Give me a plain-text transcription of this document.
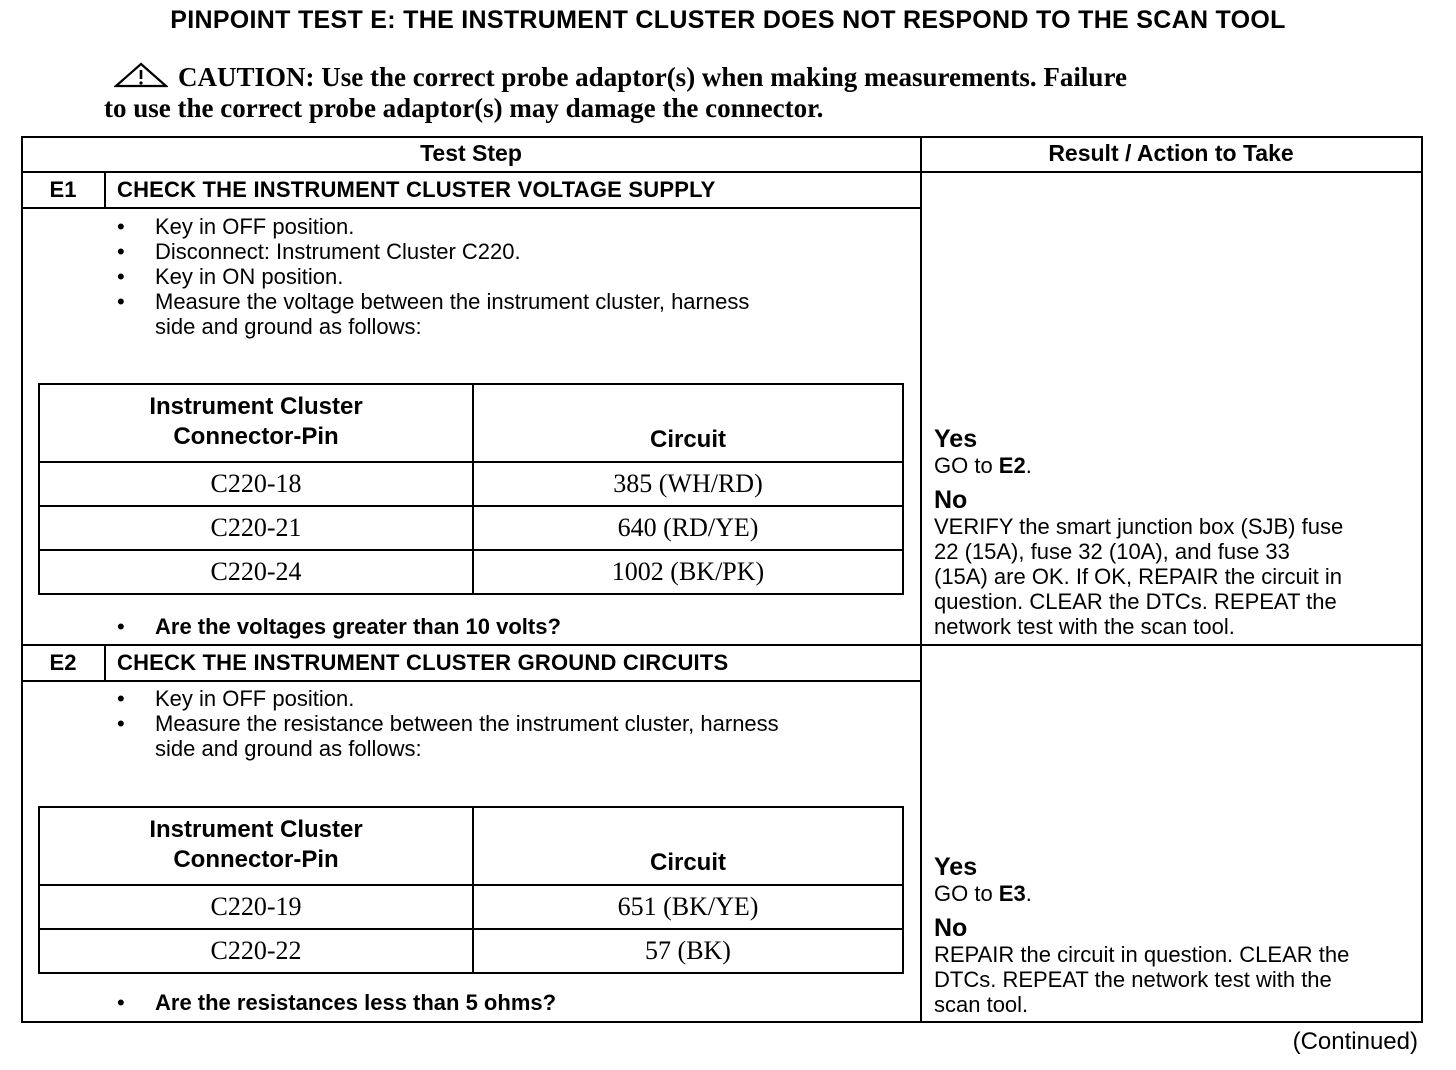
PINPOINT TEST E: THE INSTRUMENT CLUSTER DOES NOT RESPOND TO THE SCAN TOOL
CAUTION: Use the correct probe adaptor(s) when making measurements. Failure
to use the correct probe adaptor(s) may damage the connector.
Test Step	Result / Action to Take
E1	CHECK THE INSTRUMENT CLUSTER VOLTAGE SUPPLY
• Key in OFF position.
• Disconnect: Instrument Cluster C220.
• Key in ON position.
• Measure the voltage between the instrument cluster, harness
side and ground as follows:
Instrument Cluster
Connector-Pin	Circuit
C220-18	385 (WH/RD)
C220-21	640 (RD/YE)
C220-24	1002 (BK/PK)
• Are the voltages greater than 10 volts?
Yes
GO to E2.
No
VERIFY the smart junction box (SJB) fuse
22 (15A), fuse 32 (10A), and fuse 33
(15A) are OK. If OK, REPAIR the circuit in
question. CLEAR the DTCs. REPEAT the
network test with the scan tool.
E2	CHECK THE INSTRUMENT CLUSTER GROUND CIRCUITS
• Key in OFF position.
• Measure the resistance between the instrument cluster, harness
side and ground as follows:
Instrument Cluster
Connector-Pin	Circuit
C220-19	651 (BK/YE)
C220-22	57 (BK)
• Are the resistances less than 5 ohms?
Yes
GO to E3.
No
REPAIR the circuit in question. CLEAR the
DTCs. REPEAT the network test with the
scan tool.
(Continued)
